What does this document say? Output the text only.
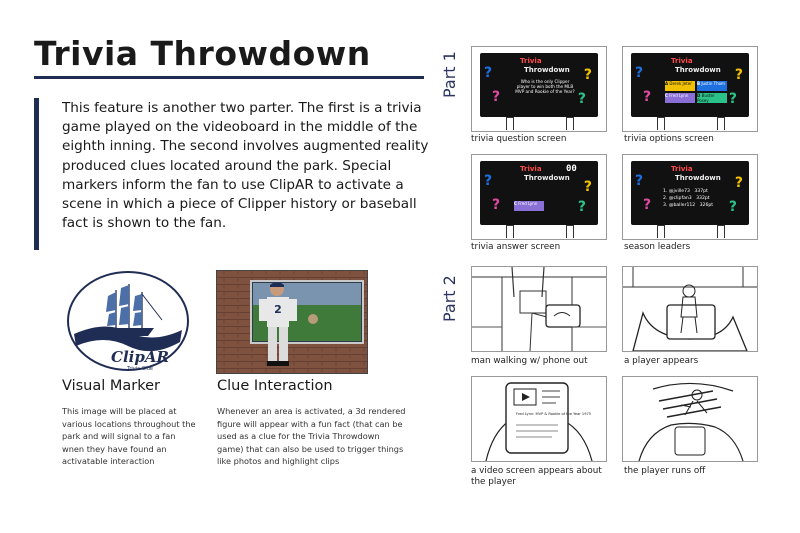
Trivia Throwdown
This feature is another two parter. The first is a trivia game played on the videoboard in the middle of the eighth inning. The second involves augmented reality produced clues located around the park. Special markers inform the fan to use ClipAR to activate a scene in which a piece of Clipper history or baseball fact is shown to the fan.
ClipAR
Trivia Clue
2
Visual Marker	Clue Interaction
This image will be placed at various locations throughout the park and will signal to a fan wnen they have found an activatable interaction
Whenever an area is activated, a 3d rendered figure will appear with a fun fact (that can be used as a clue for the Trivia Throwdown game) that can also be used to trigger things like photos and highlight clips
Part 1
Part 2
Trivia
Throwdown
Who is the only Clipper player to win both the MLB MVP and Rookie of the Year?
?
?
?
?
trivia question screen
Trivia
Throwdown
A Derek Jeter	B Justin Thom
C Fred Lynn	D Buster Posey
?
?
?
?
trivia options screen
Trivia
Throwdown
00
C Fred Lynn
?
?
?
?
trivia answer screen
Trivia
Throwdown
1. @jville73 337pt
2. @clipfan3 332pt
3. @baller112 326pt
?
?
?
?
season leaders
man walking w/ phone out	a player appears
Fred Lynn: MVP & Rookie of the Year 1975
a video screen appears about the player
the player runs off
